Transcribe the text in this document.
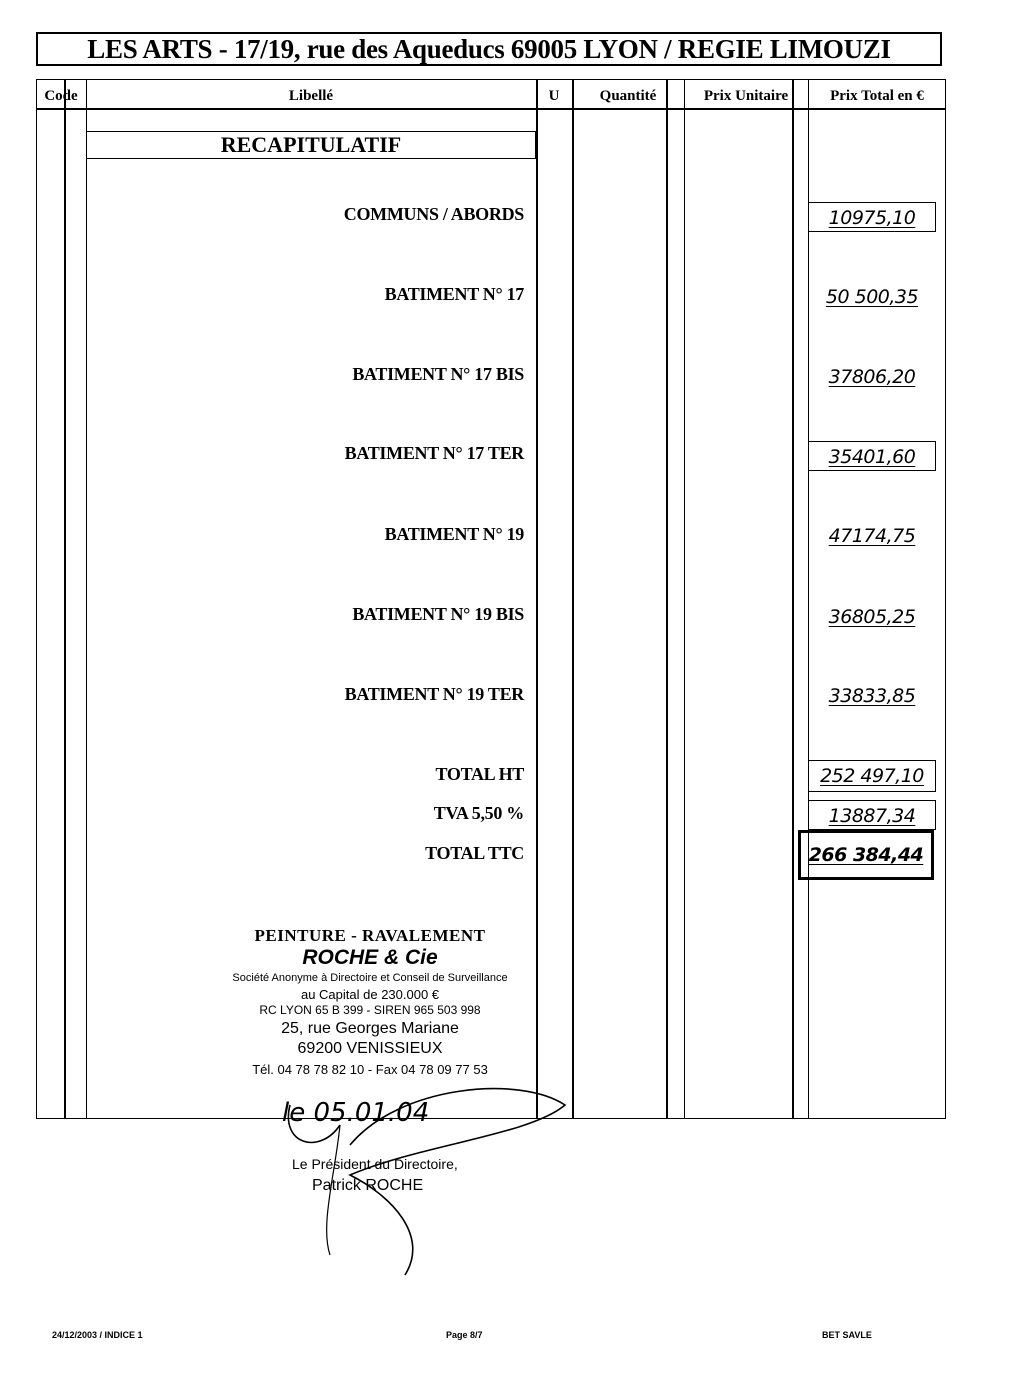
LES ARTS - 17/19, rue des Aqueducs 69005 LYON / REGIE LIMOUZI
Code	Libellé	U	Quantité	Prix Unitaire	Prix Total en €
RECAPITULATIF
COMMUNS / ABORDS	10975,10
BATIMENT N° 17	50 500,35
BATIMENT N° 17 BIS	37806,20
BATIMENT N° 17 TER	35401,60
BATIMENT N° 19	47174,75
BATIMENT N° 19 BIS	36805,25
BATIMENT N° 19 TER	33833,85
TOTAL HT	252 497,10
TVA 5,50 %	13887,34
TOTAL TTC	266 384,44
PEINTURE - RAVALEMENT
ROCHE & Cie
Société Anonyme à Directoire et Conseil de Surveillance
au Capital de 230.000 €
RC LYON 65 B 399 - SIREN 965 503 998
25, rue Georges Mariane
69200 VENISSIEUX
Tél. 04 78 78 82 10 - Fax 04 78 09 77 53
le 05.01.04
Le Président du Directoire,
Patrick ROCHE
24/12/2003 / INDICE 1	Page 8/7	BET SAVLE
